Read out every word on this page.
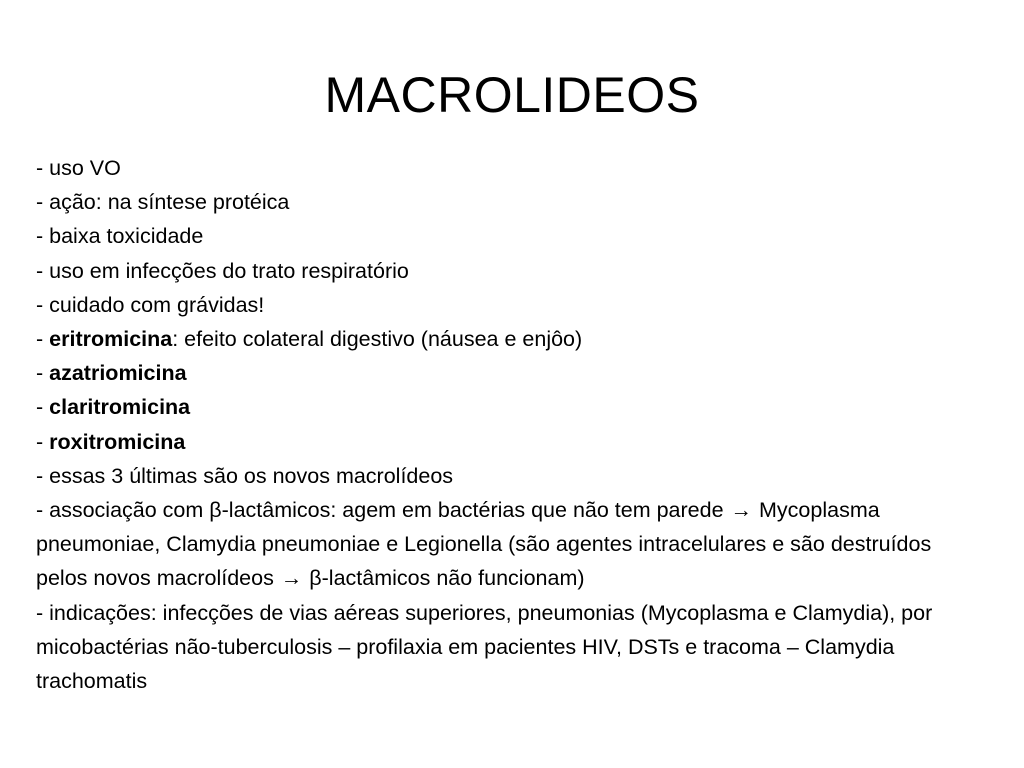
MACROLIDEOS
- uso VO
- ação: na síntese protéica
- baixa toxicidade
- uso em infecções do trato respiratório
- cuidado com grávidas!
- eritromicina: efeito colateral digestivo (náusea e enjôo)
- azatriomicina
- claritromicina
- roxitromicina
- essas 3 últimas são os novos macrolídeos
- associação com β-lactâmicos: agem em bactérias que não tem parede → Mycoplasma pneumoniae, Clamydia pneumoniae e Legionella (são agentes intracelulares e são destruídos pelos novos macrolídeos → β-lactâmicos não funcionam)
- indicações: infecções de vias aéreas superiores, pneumonias (Mycoplasma e Clamydia), por micobactérias não-tuberculosis – profilaxia em pacientes HIV, DSTs e tracoma – Clamydia trachomatis
